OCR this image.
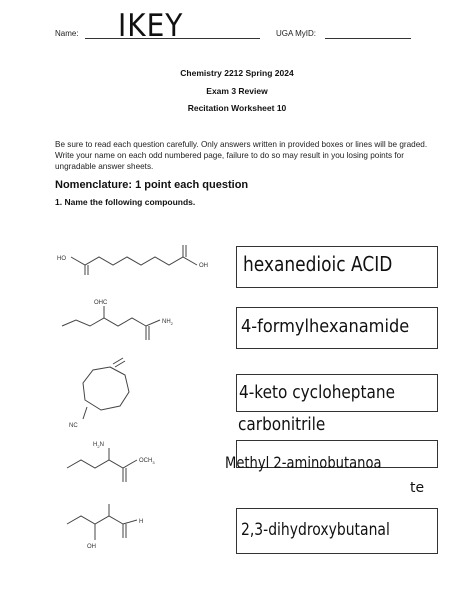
Name: IKEY	UGA MyID:
Chemistry 2212 Spring 2024
Exam 3 Review
Recitation Worksheet 10
Be sure to read each question carefully. Only answers written in provided boxes or lines will be graded. Write your name on each odd numbered page, failure to do so may result in you losing points for ungradable answer sheets.
Nomenclature: 1 point each question
1. Name the following compounds.
HO
OH
OHC
$NH_2$
NC
$H_2N$
$OCH_3$
OH
H
hexanedioic ACID
4-formylhexanamide
4-keto cycloheptane
carbonitrile
Methyl 2-aminobutanoa
te
2,3-dihydroxybutanal
